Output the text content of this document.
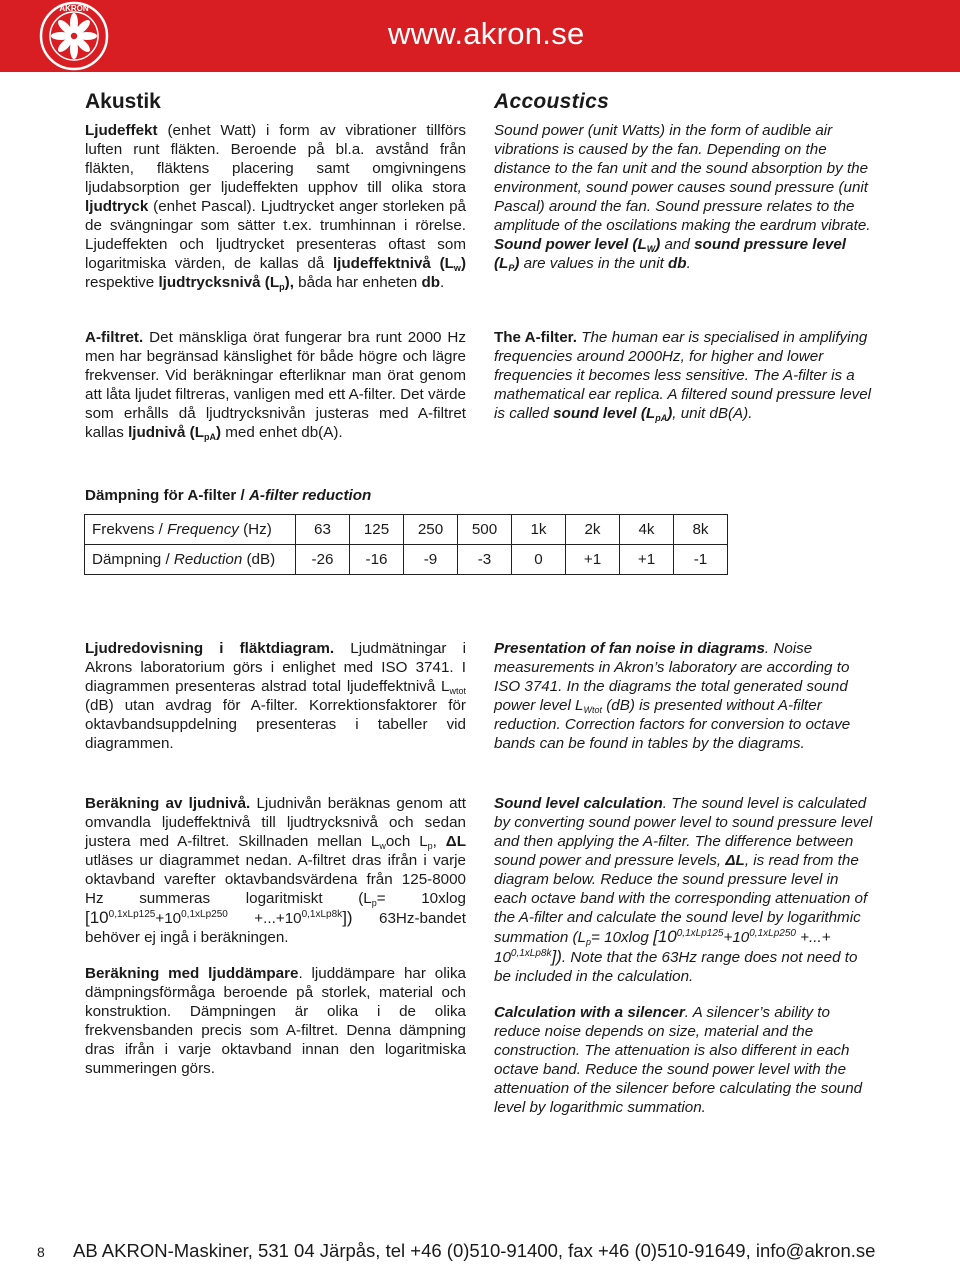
AKRON
www.akron.se
Akustik	Accoustics

Ljudeffekt (enhet Watt) i form av vibrationer tillförs luften runt fläkten. Beroende på bl.a. avstånd från fläkten, fläktens placering samt omgivningens ljudabsorption ger ljudeffekten upphov till olika stora ljudtryck (enhet Pascal). Ljudtrycket anger storleken på de svängningar som sätter t.ex. trumhinnan i rörelse. Ljudeffekten och ljudtrycket presenteras oftast som logaritmiska värden, de kallas då ljudeffektnivå $(L_w)$ respektive ljudtrycksnivå $(L_p)$, båda har enheten db.

Sound power (unit Watts) in the form of audible air vibrations is caused by the fan. Depending on the distance to the fan unit and the sound absorption by the environment, sound power causes sound pressure (unit Pascal) around the fan. Sound pressure relates to the amplitude of the oscilations making the eardrum vibrate. Sound power level $(L_W)$ and sound pressure level $(L_P)$ are values in the unit db.

A-filtret. Det mänskliga örat fungerar bra runt 2000 Hz men har begränsad känslighet för både högre och lägre frekvenser. Vid beräkningar efterliknar man örat genom att låta ljudet filtreras, vanligen med ett A-filter. Det värde som erhålls då ljudtrycksnivån justeras med A-filtret kallas ljudnivå $(L_{pA})$ med enhet db(A).

The A-filter. The human ear is specialised in amplifying frequencies around 2000Hz, for higher and lower frequencies it becomes less sensitive. The A-filter is a mathematical ear replica. A filtered sound pressure level is called sound level $(L_{pA})$, unit dB(A).

Dämpning för A-filter / A-filter reduction
Frekvens / Frequency (Hz)	63	125	250	500	1k	2k	4k	8k
Dämpning / Reduction (dB)	-26	-16	-9	-3	0	+1	+1	-1

Ljudredovisning i fläktdiagram. Ljudmätningar i Akrons laboratorium görs i enlighet med ISO 3741. I diagrammen presenteras alstrad total ljudeffektnivå $L_{wtot}$ (dB) utan avdrag för A-filter. Korrektionsfaktorer för oktavbandsuppdelning presenteras i tabeller vid diagrammen.

Presentation of fan noise in diagrams. Noise measurements in Akron’s laboratory are according to ISO 3741. In the diagrams the total generated sound power level $L_{Wtot}$ (dB) is presented without A-filter reduction. Correction factors for conversion to octave bands can be found in tables by the diagrams.

Beräkning av ljudnivå. Ljudnivån beräknas genom att omvandla ljudeffektnivå till ljudtrycksnivå och sedan justera med A-filtret. Skillnaden mellan $L_woch$ $L_p$, ΔL utläses ur diagrammet nedan. A-filtret dras ifrån i varje oktavband varefter oktavbandsvärdena från 125-8000 Hz summeras logaritmiskt ($L_p= 10xlog$ $[10^{0,1xLp125}+10^{0,1xLp250} +...+10^{0,1xLp8k}]$) 63Hz-bandet behöver ej ingå i beräkningen.

Beräkning med ljuddämpare. ljuddämpare har olika dämpningsförmåga beroende på storlek, material och konstruktion. Dämpningen är olika i de olika frekvensbanden precis som A-filtret. Denna dämpning dras ifrån i varje oktavband innan den logaritmiska summeringen görs.

Sound level calculation. The sound level is calculated by converting sound power level to sound pressure level and then applying the A-filter. The difference between sound power and pressure levels, ΔL, is read from the diagram below. Reduce the sound pressure level in each octave band with the corresponding attenuation of the A-filter and calculate the sound level by logarithmic summation ($L_p= 10xlog$ [$10^{0,1xLp125}+10^{0,1xLp250}$ +...+ $10^{0,1xLp8k}$]). Note that the 63Hz range does not need to be included in the calculation.

Calculation with a silencer. A silencer’s ability to reduce noise depends on size, material and the construction. The attenuation is also different in each octave band. Reduce the sound power level with the attenuation of the silencer before calculating the sound level by logarithmic summation.

8 AB AKRON-Maskiner, 531 04 Järpås, tel +46 (0)510-91400, fax +46 (0)510-91649, info@akron.se
